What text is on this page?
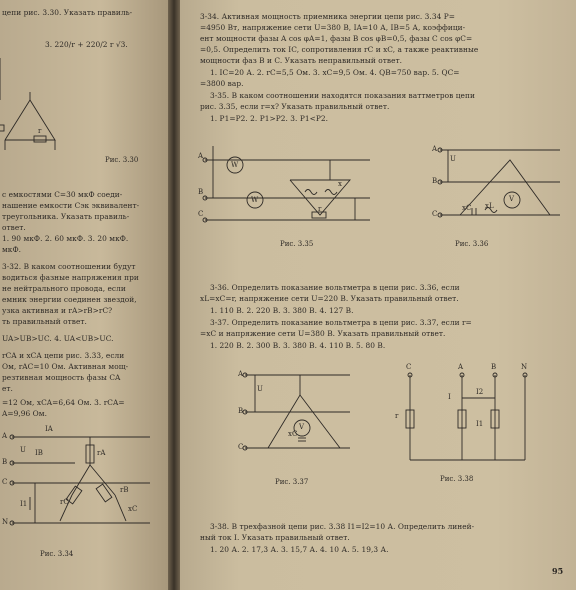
цепи рис. 3.30. Указать правиль-
3. 220/r + 220/2 r √3.
с емкостями C=30 мкФ соеди-
нашение емкости Cэк эквивалент-
треугольника. Указать правиль-
ответ.
1. 90 мкФ. 2. 60 мкФ. 3. 20 мкФ.
мкФ.
3-32. В каком соотношении будут
водиться фазные напряжения при
не нейтрального провода, если
емник энергии соединен звездой,
узка активная и rA>rB>rC?
ть правильный ответ.
UA>UB>UC. 4. UA<UB>UC.
rCA и xCA цепи рис. 3.33, если
Ом, rAC=10 Ом. Активная мощ-
резтивная мощность фазы CA
ет.
=12 Ом, xCA=6,64 Ом. 3. rCA=
A=9,96 Ом.
r
Рис. 3.30
A
B
C
N
IA
IB
U
I1
rA
rB
rC
xC
Рис. 3.34
3-34. Активная мощность приемника энергии цепи рис. 3.34 P=
=4950 Вт, напряжение сети U=380 В, IA=10 А, IB=5 А, коэффици-
ент мощности фазы A cos φA=1, фазы B cos φB=0,5, фазы C cos φC=
=0,5. Определить ток IC, сопротивления rC и xC, а также реактивные
мощности фаз B и C. Указать неправильный ответ.
1. IC=20 А. 2. rC=5,5 Ом. 3. xC=9,5 Ом. 4. QB=750 вар. 5. QC=
=3800 вар.
3-35. В каком соотношении находятся показания ваттметров цепи
рис. 3.35, если r=x? Указать правильный ответ.
1. P1=P2. 2. P1>P2. 3. P1<P2.
3-36. Определить показание вольтметра в цепи рис. 3.36, если
xL=xC=r, напряжение сети U=220 В. Указать правильный ответ.
1. 110 В. 2. 220 В. 3. 380 В. 4. 127 В.
3-37. Определить показание вольтметра в цепи рис. 3.37, если r=
=xC и напряжение сети U=380 В. Указать правильный ответ.
1. 220 В. 2. 300 В. 3. 380 В. 4. 110 В. 5. 80 В.
3-38. В трехфазной цепи рис. 3.38 I1=I2=10 А. Определить линей-
ный ток I. Указать правильный ответ.
1. 20 А. 2. 17,3 А. 3. 15,7 А. 4. 10 А. 5. 19,3 А.
A
B
C
W
W
x
r
Рис. 3.35
A
B
C
U
xC xL
V
Рис. 3.36
A
B
C
U
V
xC
Рис. 3.37
C	A	B	N
I
I2
I1
r
Рис. 3.38
95
